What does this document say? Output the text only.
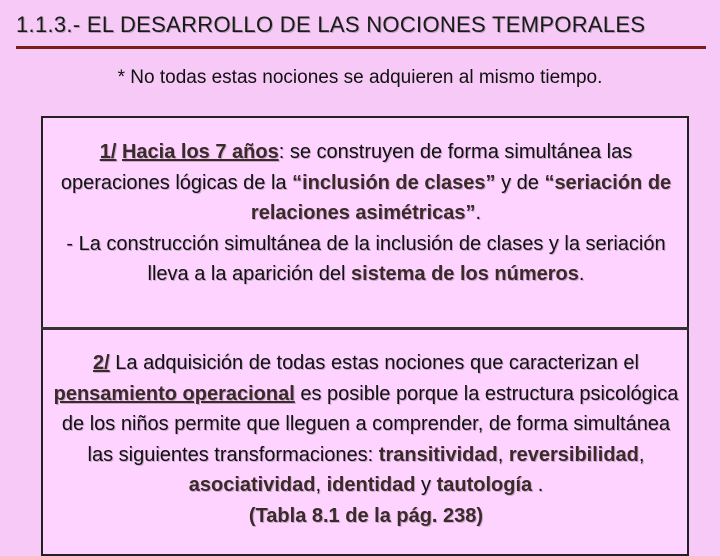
1.1.3.- EL DESARROLLO DE LAS NOCIONES TEMPORALES
* No todas estas nociones se adquieren al mismo tiempo.
1/ Hacia los 7 años: se construyen de forma simultánea las operaciones lógicas de la “inclusión de clases” y de “seriación de relaciones asimétricas”.
- La construcción simultánea de la inclusión de clases y la seriación lleva a la aparición del sistema de los números.
2/ La adquisición de todas estas nociones que caracterizan el pensamiento operacional es posible porque la estructura psicológica de los niños permite que lleguen a comprender, de forma simultánea las siguientes transformaciones: transitividad, reversibilidad, asociatividad, identidad y tautología .
(Tabla 8.1 de la pág. 238)
